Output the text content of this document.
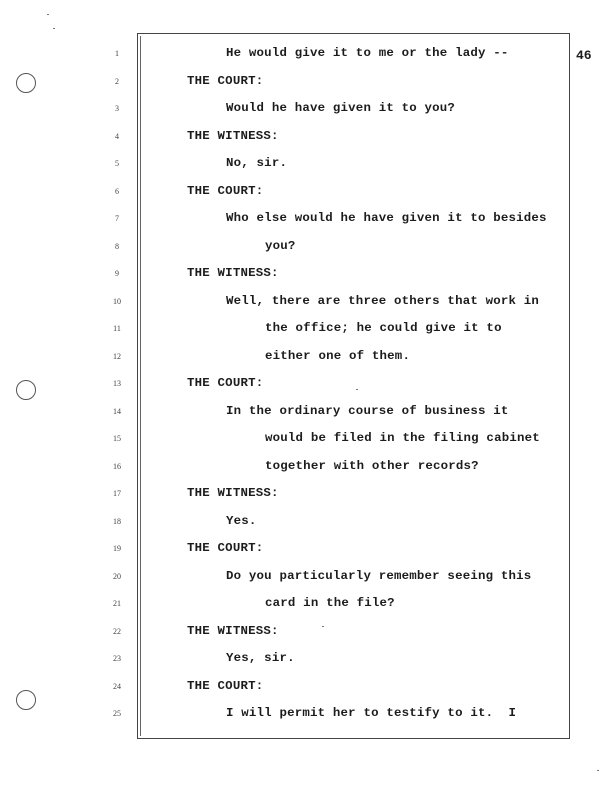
46
1	He would give it to me or the lady --
2	THE COURT:
3	Would he have given it to you?
4	THE WITNESS:
5	No, sir.
6	THE COURT:
7	Who else would he have given it to besides
8	you?
9	THE WITNESS:
10	Well, there are three others that work in
11	the office; he could give it to
12	either one of them.
13	THE COURT:
14	In the ordinary course of business it
15	would be filed in the filing cabinet
16	together with other records?
17	THE WITNESS:
18	Yes.
19	THE COURT:
20	Do you particularly remember seeing this
21	card in the file?
22	THE WITNESS:
23	Yes, sir.
24	THE COURT:
25	I will permit her to testify to it.  I
